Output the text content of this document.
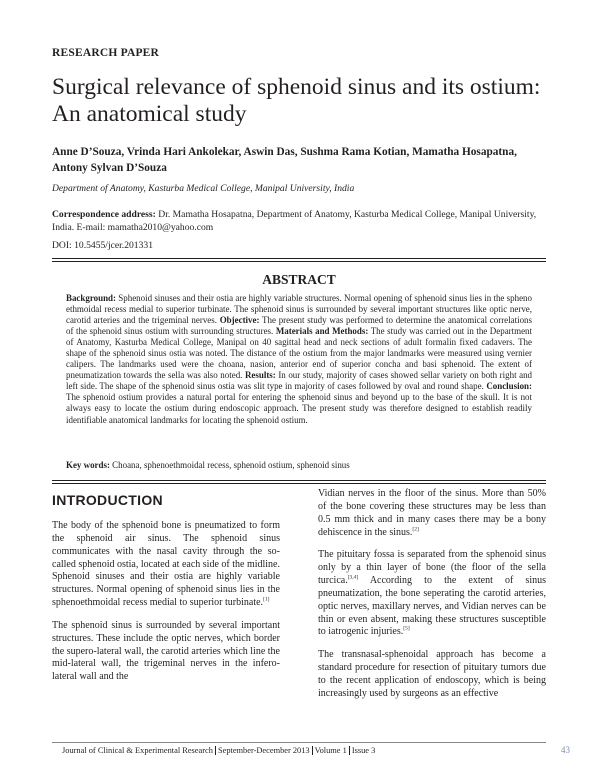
RESEARCH PAPER
Surgical relevance of sphenoid sinus and its ostium: An anatomical study
Anne D’Souza, Vrinda Hari Ankolekar, Aswin Das, Sushma Rama Kotian, Mamatha Hosapatna, Antony Sylvan D’Souza
Department of Anatomy, Kasturba Medical College, Manipal University, India
Correspondence address: Dr. Mamatha Hosapatna, Department of Anatomy, Kasturba Medical College, Manipal University, India. E-mail: mamatha2010@yahoo.com
DOI: 10.5455/jcer.201331
ABSTRACT
Background: Sphenoid sinuses and their ostia are highly variable structures. Normal opening of sphenoid sinus lies in the spheno ethmoidal recess medial to superior turbinate. The sphenoid sinus is surrounded by several important structures like optic nerve, carotid arteries and the trigeminal nerves. Objective: The present study was performed to determine the anatomical correlations of the sphenoid sinus ostium with surrounding structures. Materials and Methods: The study was carried out in the Department of Anatomy, Kasturba Medical College, Manipal on 40 sagittal head and neck sections of adult formalin fixed cadavers. The shape of the sphenoid sinus ostia was noted. The distance of the ostium from the major landmarks were measured using vernier calipers. The landmarks used were the choana, nasion, anterior end of superior concha and basi sphenoid. The extent of pneumatization towards the sella was also noted. Results: In our study, majority of cases showed sellar variety on both right and left side. The shape of the sphenoid sinus ostia was slit type in majority of cases followed by oval and round shape. Conclusion: The sphenoid ostium provides a natural portal for entering the sphenoid sinus and beyond up to the base of the skull. It is not always easy to locate the ostium during endoscopic approach. The present study was therefore designed to establish readily identifiable anatomical landmarks for locating the sphenoid ostium.
Key words: Choana, sphenoethmoidal recess, sphenoid ostium, sphenoid sinus
INTRODUCTION

The body of the sphenoid bone is pneumatized to form the sphenoid air sinus. The sphenoid sinus communicates with the nasal cavity through the so-called sphenoid ostia, located at each side of the midline. Sphenoid sinuses and their ostia are highly variable structures. Normal opening of sphenoid sinus lies in the sphenoethmoidal recess medial to superior turbinate.[1]

The sphenoid sinus is surrounded by several important structures. These include the optic nerves, which border the supero-lateral wall, the carotid arteries which line the mid-lateral wall, the trigeminal nerves in the infero-lateral wall and the

Vidian nerves in the floor of the sinus. More than 50% of the bone covering these structures may be less than 0.5 mm thick and in many cases there may be a bony dehiscence in the sinus.[2]

The pituitary fossa is separated from the sphenoid sinus only by a thin layer of bone (the floor of the sella turcica.[3,4] According to the extent of sinus pneumatization, the bone seperating the carotid arteries, optic nerves, maxillary nerves, and Vidian nerves can be thin or even absent, making these structures susceptible to iatrogenic injuries.[5]

The transnasal-sphenoidal approach has become a standard procedure for resection of pituitary tumors due to the recent application of endoscopy, which is being increasingly used by surgeons as an effective

Journal of Clinical & Experimental Research September-December 2013 Volume 1 Issue 3	43
